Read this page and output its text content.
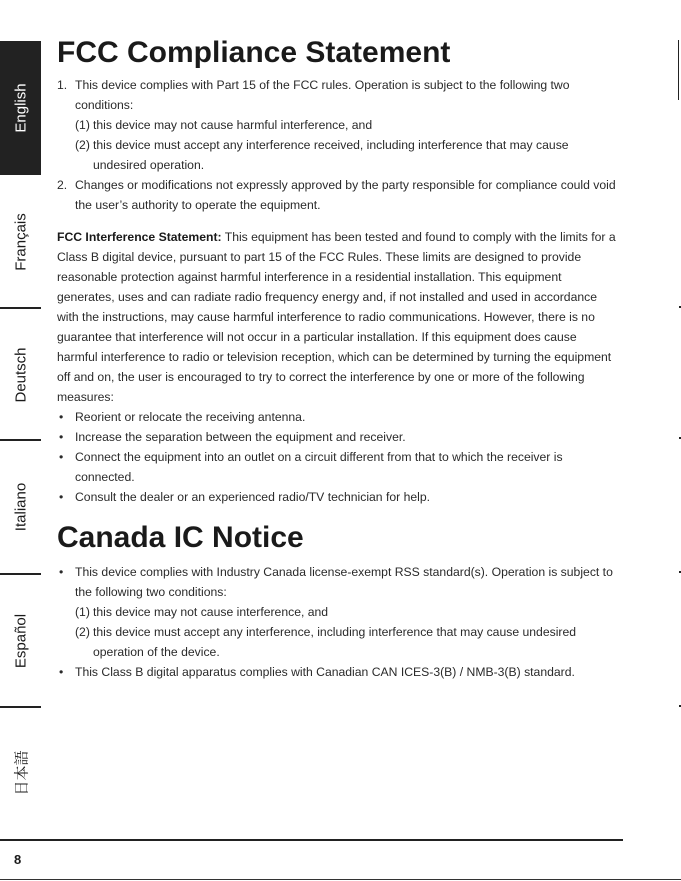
English
Français
Deutsch
Italiano
Español
日本語
FCC Compliance Statement
1. This device complies with Part 15 of the FCC rules. Operation is subject to the following two conditions:
(1) this device may not cause harmful interference, and
(2) this device must accept any interference received, including interference that may cause undesired operation.
2. Changes or modifications not expressly approved by the party responsible for compliance could void the user’s authority to operate the equipment.
FCC Interference Statement: This equipment has been tested and found to comply with the limits for a Class B digital device, pursuant to part 15 of the FCC Rules. These limits are designed to provide reasonable protection against harmful interference in a residential installation. This equipment generates, uses and can radiate radio frequency energy and, if not installed and used in accordance with the instructions, may cause harmful interference to radio communications. However, there is no guarantee that interference will not occur in a particular installation. If this equipment does cause harmful interference to radio or television reception, which can be determined by turning the equipment off and on, the user is encouraged to try to correct the interference by one or more of the following measures:
• Reorient or relocate the receiving antenna.
• Increase the separation between the equipment and receiver.
• Connect the equipment into an outlet on a circuit different from that to which the receiver is connected.
• Consult the dealer or an experienced radio/TV technician for help.
Canada IC Notice
• This device complies with Industry Canada license-exempt RSS standard(s). Operation is subject to the following two conditions:
(1) this device may not cause interference, and
(2) this device must accept any interference, including interference that may cause undesired operation of the device.
• This Class B digital apparatus complies with Canadian CAN ICES-3(B) / NMB-3(B) standard.
8
